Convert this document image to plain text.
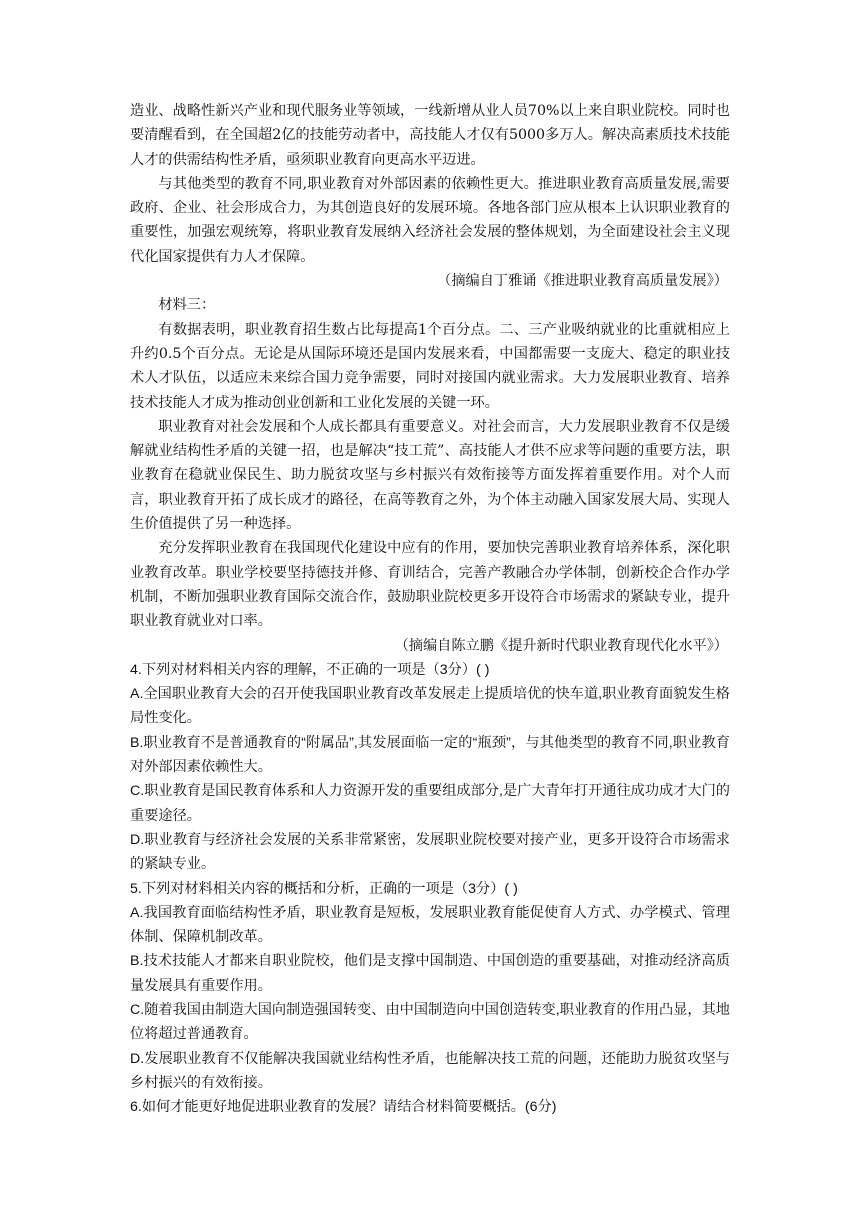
造业、战略性新兴产业和现代服务业等领域，一线新增从业人员70%以上来自职业院校。同时也要清醒看到，在全国超2亿的技能劳动者中，高技能人才仅有5000多万人。解决高素质技术技能人才的供需结构性矛盾，亟须职业教育向更高水平迈进。

与其他类型的教育不同,职业教育对外部因素的依赖性更大。推进职业教育高质量发展,需要政府、企业、社会形成合力，为其创造良好的发展环境。各地各部门应从根本上认识职业教育的重要性，加强宏观统筹，将职业教育发展纳入经济社会发展的整体规划，为全面建设社会主义现代化国家提供有力人才保障。

（摘编自丁雅诵《推进职业教育高质量发展》）

材料三：

有数据表明，职业教育招生数占比每提高1个百分点。二、三产业吸纳就业的比重就相应上升约0.5个百分点。无论是从国际环境还是国内发展来看，中国都需要一支庞大、稳定的职业技术人才队伍，以适应未来综合国力竞争需要，同时对接国内就业需求。大力发展职业教育、培养技术技能人才成为推动创业创新和工业化发展的关键一环。

职业教育对社会发展和个人成长都具有重要意义。对社会而言，大力发展职业教育不仅是缓解就业结构性矛盾的关键一招，也是解决“技工荒”、高技能人才供不应求等问题的重要方法，职业教育在稳就业保民生、助力脱贫攻坚与乡村振兴有效衔接等方面发挥着重要作用。对个人而言，职业教育开拓了成长成才的路径，在高等教育之外，为个体主动融入国家发展大局、实现人生价值提供了另一种选择。

充分发挥职业教育在我国现代化建设中应有的作用，要加快完善职业教育培养体系，深化职业教育改革。职业学校要坚持德技并修、育训结合，完善产教融合办学体制，创新校企合作办学机制，不断加强职业教育国际交流合作，鼓励职业院校更多开设符合市场需求的紧缺专业，提升职业教育就业对口率。

（摘编自陈立鹏《提升新时代职业教育现代化水平》）

4.下列对材料相关内容的理解，不正确的一项是（3分）( )

A.全国职业教育大会的召开使我国职业教育改革发展走上提质培优的快车道,职业教育面貌发生格局性变化。

B.职业教育不是普通教育的“附属品”,其发展面临一定的“瓶颈”，与其他类型的教育不同,职业教育对外部因素依赖性大。

C.职业教育是国民教育体系和人力资源开发的重要组成部分,是广大青年打开通往成功成才大门的重要途径。

D.职业教育与经济社会发展的关系非常紧密，发展职业院校要对接产业，更多开设符合市场需求的紧缺专业。

5.下列对材料相关内容的概括和分析，正确的一项是（3分）( )

A.我国教育面临结构性矛盾，职业教育是短板，发展职业教育能促使育人方式、办学模式、管理体制、保障机制改革。

B.技术技能人才都来自职业院校，他们是支撑中国制造、中国创造的重要基础，对推动经济高质量发展具有重要作用。

C.随着我国由制造大国向制造强国转变、由中国制造向中国创造转变,职业教育的作用凸显，其地位将超过普通教育。

D.发展职业教育不仅能解决我国就业结构性矛盾，也能解决技工荒的问题，还能助力脱贫攻坚与乡村振兴的有效衔接。

6.如何才能更好地促进职业教育的发展？请结合材料简要概括。(6分)
